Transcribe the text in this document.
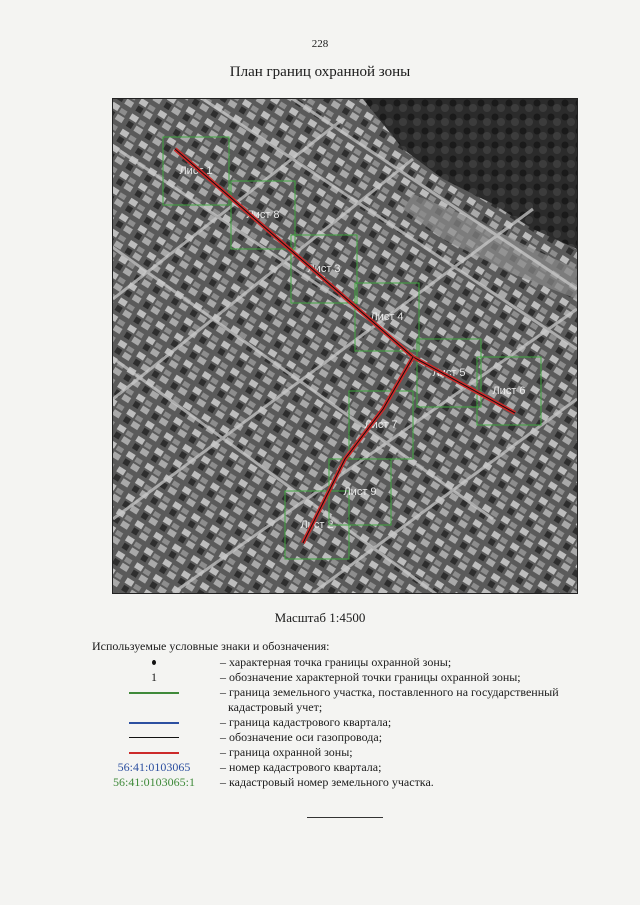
228
План границ охранной зоны
Лист 1
Лист 2
Лист 3
Лист 4
Лист 5
Лист 6
Лист 7
Лист 8
Лист 9
Масштаб 1:4500
Используемые условные знаки и обозначения:
– характерная точка границы охранной зоны;
1	– обозначение характерной точки границы охранной зоны;
– граница земельного участка, поставленного на государственный
кадастровый учет;
– граница кадастрового квартала;
– обозначение оси газопровода;
– граница охранной зоны;
56:41:0103065	– номер кадастрового квартала;
56:41:0103065:1	– кадастровый номер земельного участка.
